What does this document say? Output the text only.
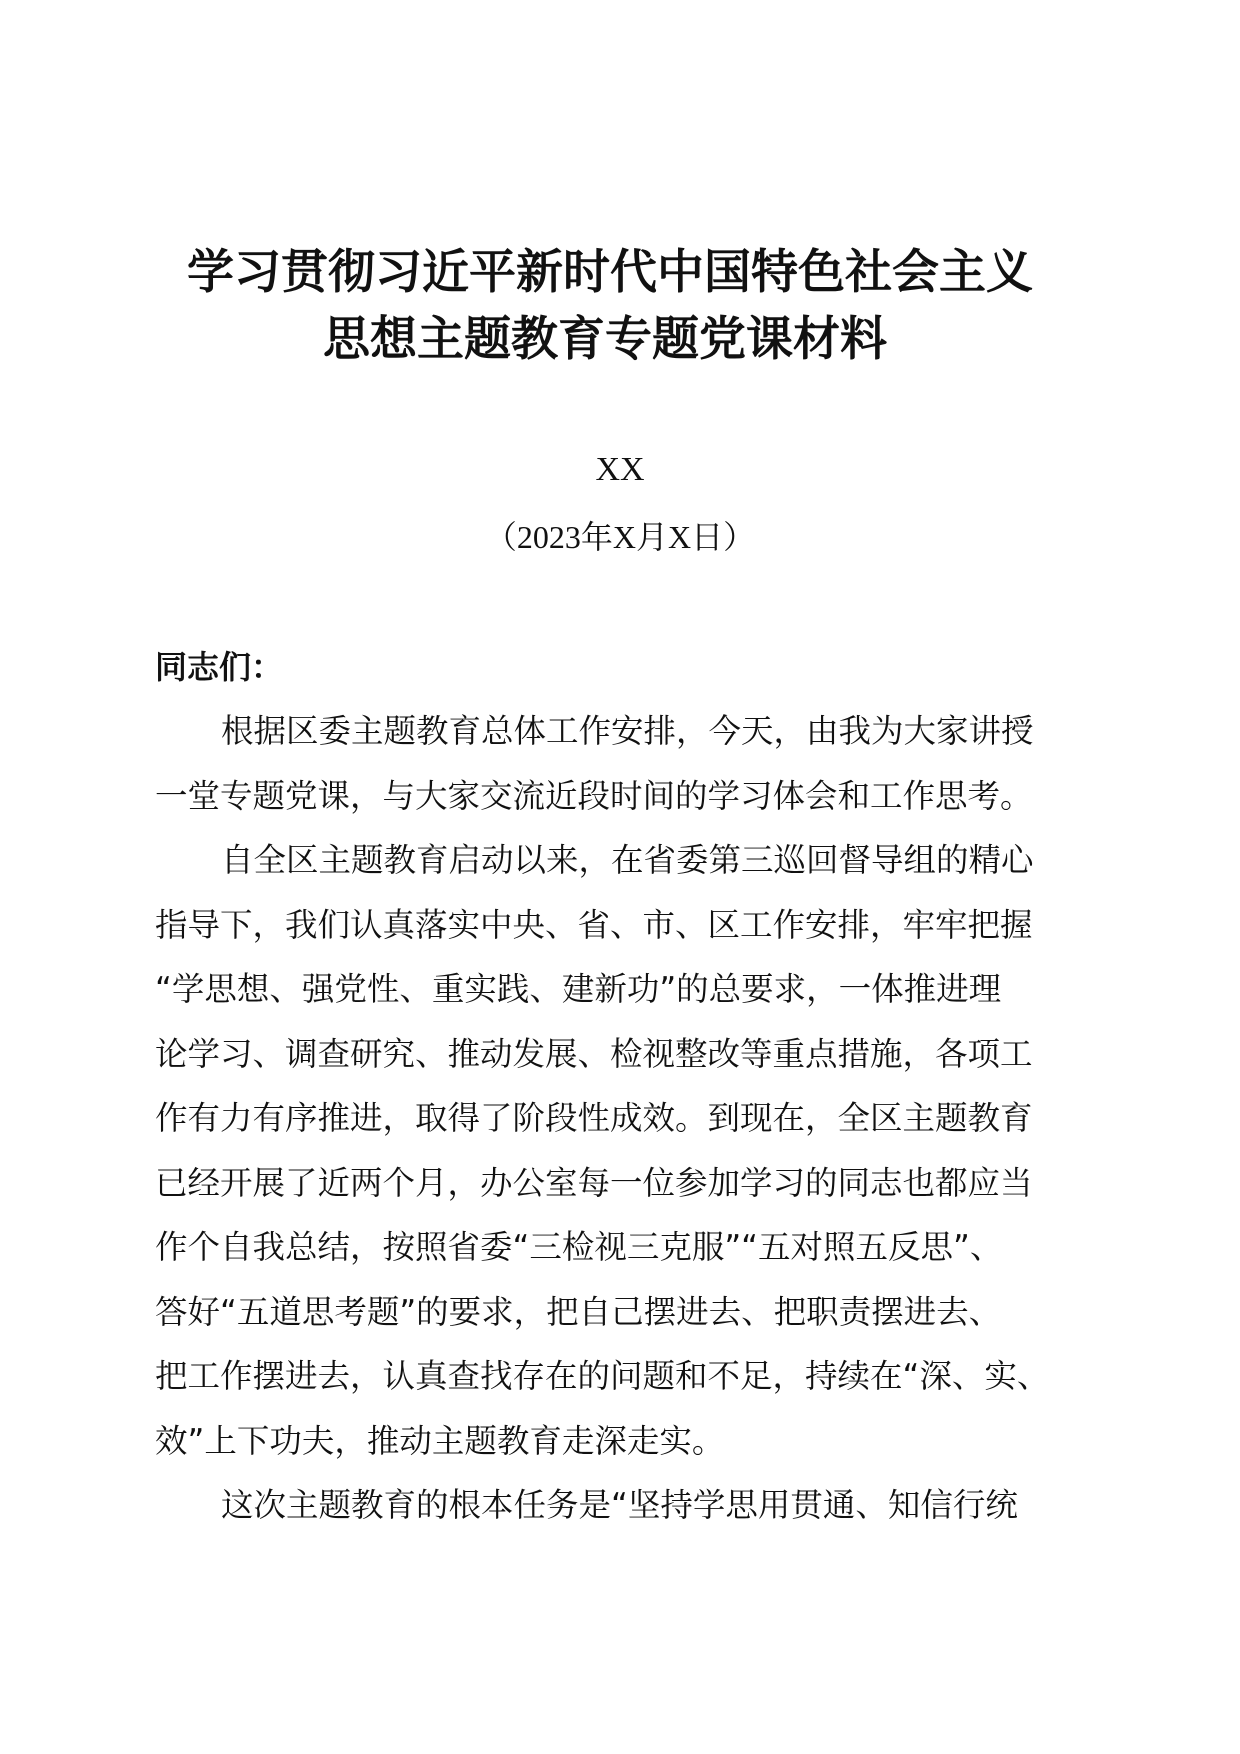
学习贯彻习近平新时代中国特色社会主义
思想主题教育专题党课材料
XX
（2023年X月X日）
同志们：
根据区委主题教育总体工作安排，今天，由我为大家讲授
一堂专题党课，与大家交流近段时间的学习体会和工作思考。
自全区主题教育启动以来，在省委第三巡回督导组的精心
指导下，我们认真落实中央、省、市、区工作安排，牢牢把握
“学思想、强党性、重实践、建新功”的总要求，一体推进理
论学习、调查研究、推动发展、检视整改等重点措施，各项工
作有力有序推进，取得了阶段性成效。到现在，全区主题教育
已经开展了近两个月，办公室每一位参加学习的同志也都应当
作个自我总结，按照省委“三检视三克服”“五对照五反思”、
答好“五道思考题”的要求，把自己摆进去、把职责摆进去、
把工作摆进去，认真查找存在的问题和不足，持续在“深、实、
效”上下功夫，推动主题教育走深走实。
这次主题教育的根本任务是“坚持学思用贯通、知信行统
